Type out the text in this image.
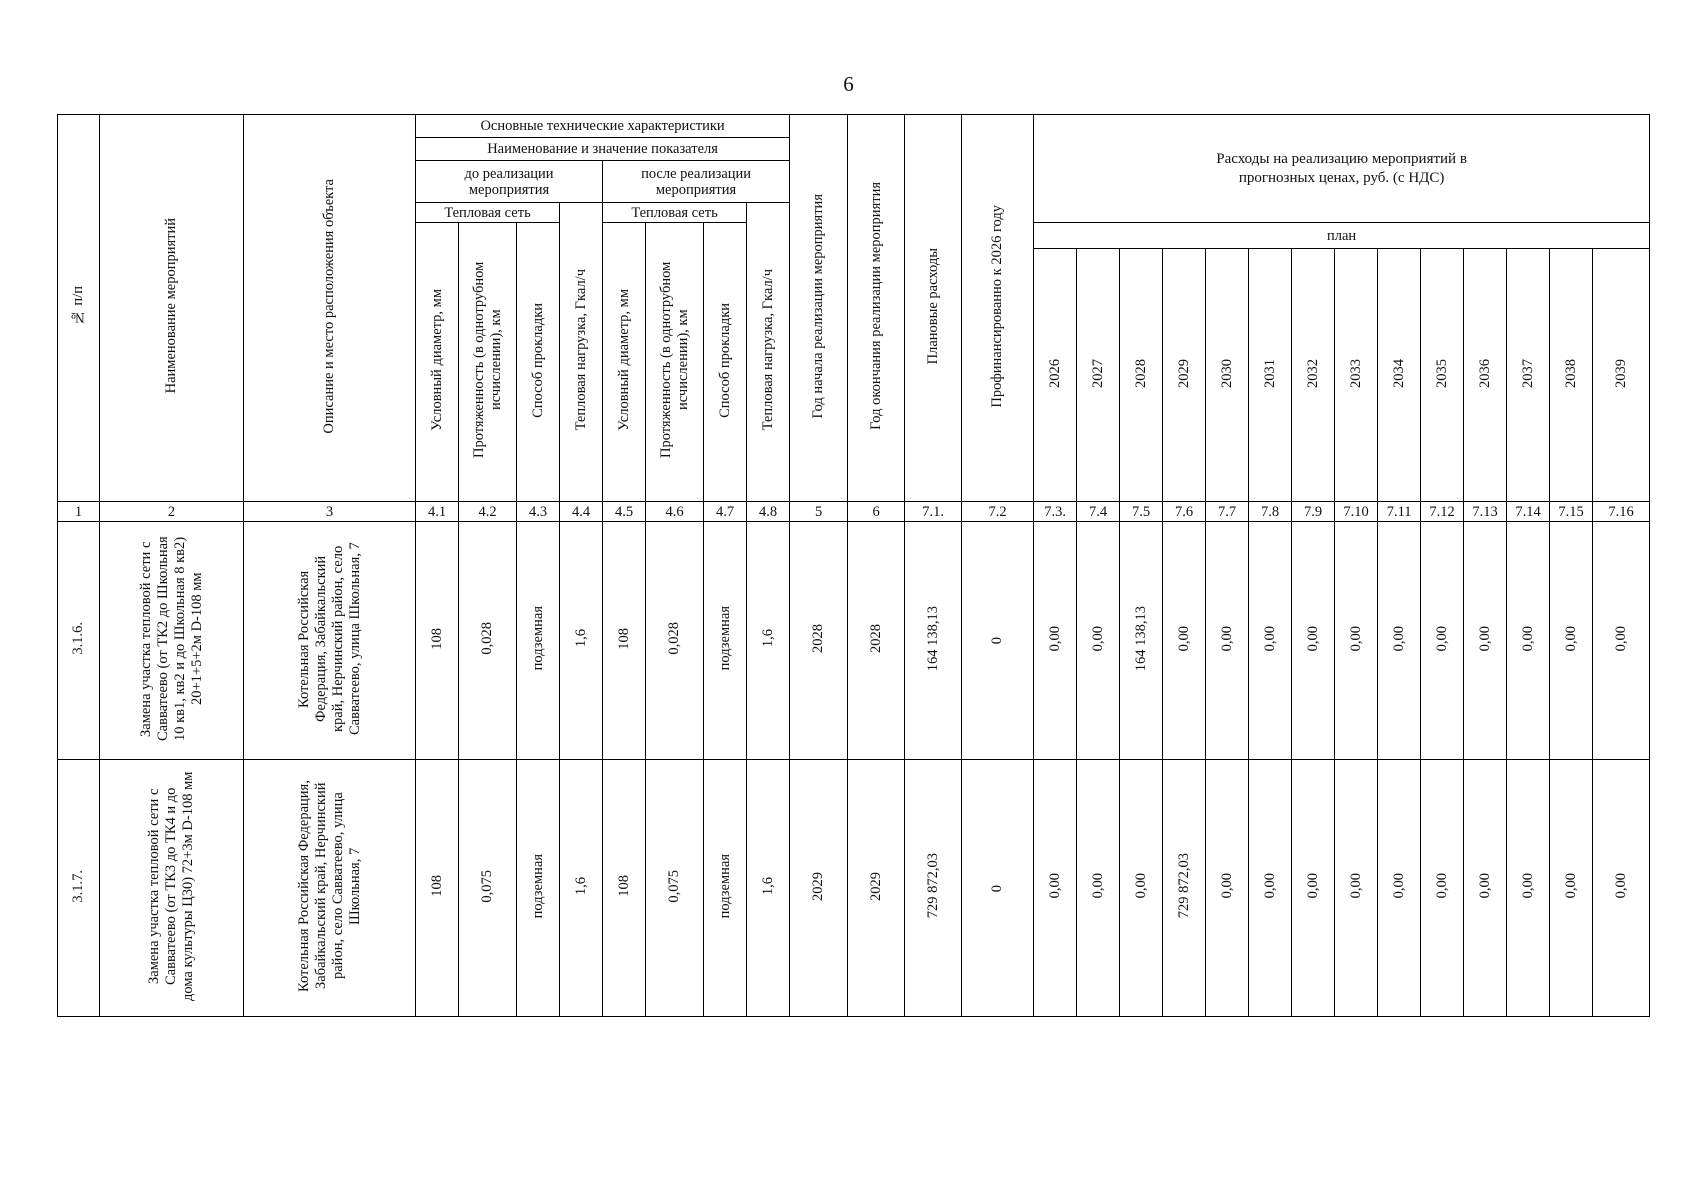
6
№ п/п	Наименование мероприятий	Описание и место расположения объекта	Основные технические характеристики								Год начала реализации мероприятия	Год окончания реализации мероприятия	Плановые расходы	Профинансированно к 2026 году	Расходы на реализацию мероприятий в прогнозных ценах, руб. (с НДС)													

			Наименование и значение показателя																									

			до реализации мероприятия				после реализации мероприятия																					

			Тепловая сеть			Тепловая нагрузка, Гкал/ч	Тепловая сеть			Тепловая нагрузка, Гкал/ч																		
			Условный диаметр, мм	Протяженность (в однотрубном исчислении), км	Способ прокладки		Условный диаметр, мм	Протяженность (в однотрубном исчислении), км	Способ прокладки						план													
															2026	2027	2028	2029	2030	2031	2032	2033	2034	2035	2036	2037	2038	2039
1	2	3	4.1	4.2	4.3	4.4	4.5	4.6	4.7	4.8	5	6	7.1.	7.2	7.3.	7.4	7.5	7.6	7.7	7.8	7.9	7.10	7.11	7.12	7.13	7.14	7.15	7.16
3.1.6.	Замена участка тепловой сети с Савватеево (от ТК2 до Школьная 10 кв1, кв2 и до Школьная 8 кв2) 20+1+5+2м D-108 мм	Котельная Российская Федерация, Забайкальский край, Нерчинский район, село Савватеево, улица Школьная, 7	108	0,028	подземная	1,6	108	0,028	подземная	1,6	2028	2028	164 138,13	0	0,00	0,00	164 138,13	0,00	0,00	0,00	0,00	0,00	0,00	0,00	0,00	0,00	0,00	0,00
3.1.7.	Замена участка тепловой сети с Савватеево (от ТК3 до ТК4 и до дома культуры Ц30) 72+3м D-108 мм	Котельная Российская Федерация, Забайкальский край, Нерчинский район, село Савватеево, улица Школьная, 7	108	0,075	подземная	1,6	108	0,075	подземная	1,6	2029	2029	729 872,03	0	0,00	0,00	0,00	729 872,03	0,00	0,00	0,00	0,00	0,00	0,00	0,00	0,00	0,00	0,00
